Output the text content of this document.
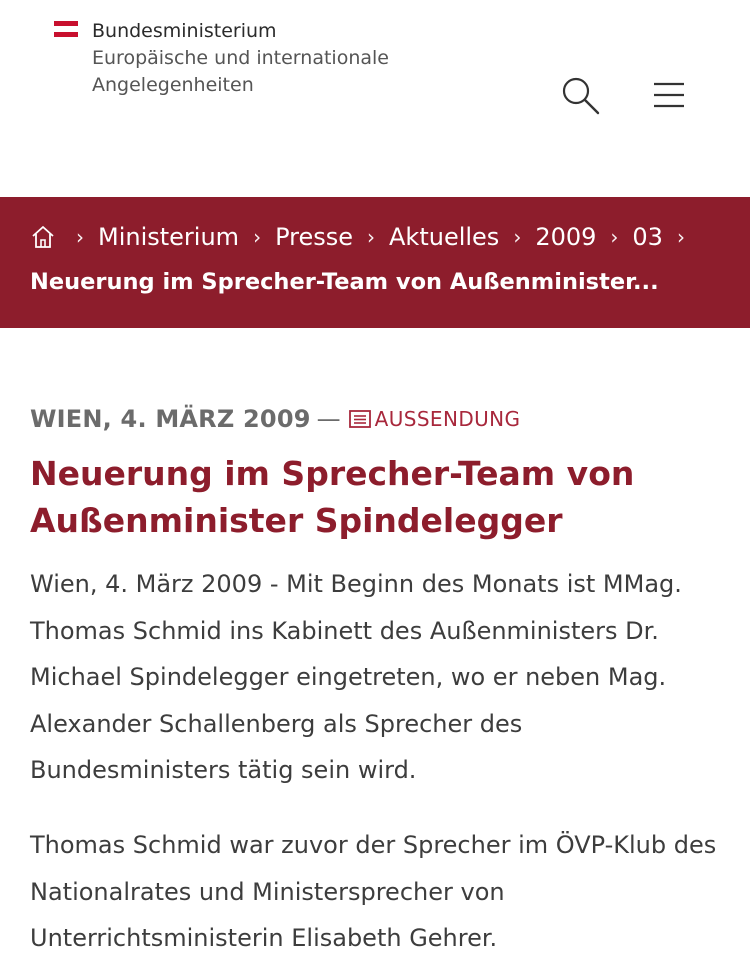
Bundesministerium
Europäische und internationale
Angelegenheiten
› Ministerium › Presse › Aktuelles › 2009 › 03 ›
Neuerung im Sprecher-Team von Außenminister...
WIEN, 4. MÄRZ 2009 — AUSSENDUNG
Neuerung im Sprecher-Team von Außenminister Spindelegger

Wien, 4. März 2009 - Mit Beginn des Monats ist MMag. Thomas Schmid ins Kabinett des Außenministers Dr. Michael Spindelegger eingetreten, wo er neben Mag. Alexander Schallenberg als Sprecher des Bundesministers tätig sein wird.

Thomas Schmid war zuvor der Sprecher im ÖVP-Klub des Nationalrates und Ministersprecher von Unterrichtsministerin Elisabeth Gehrer.
